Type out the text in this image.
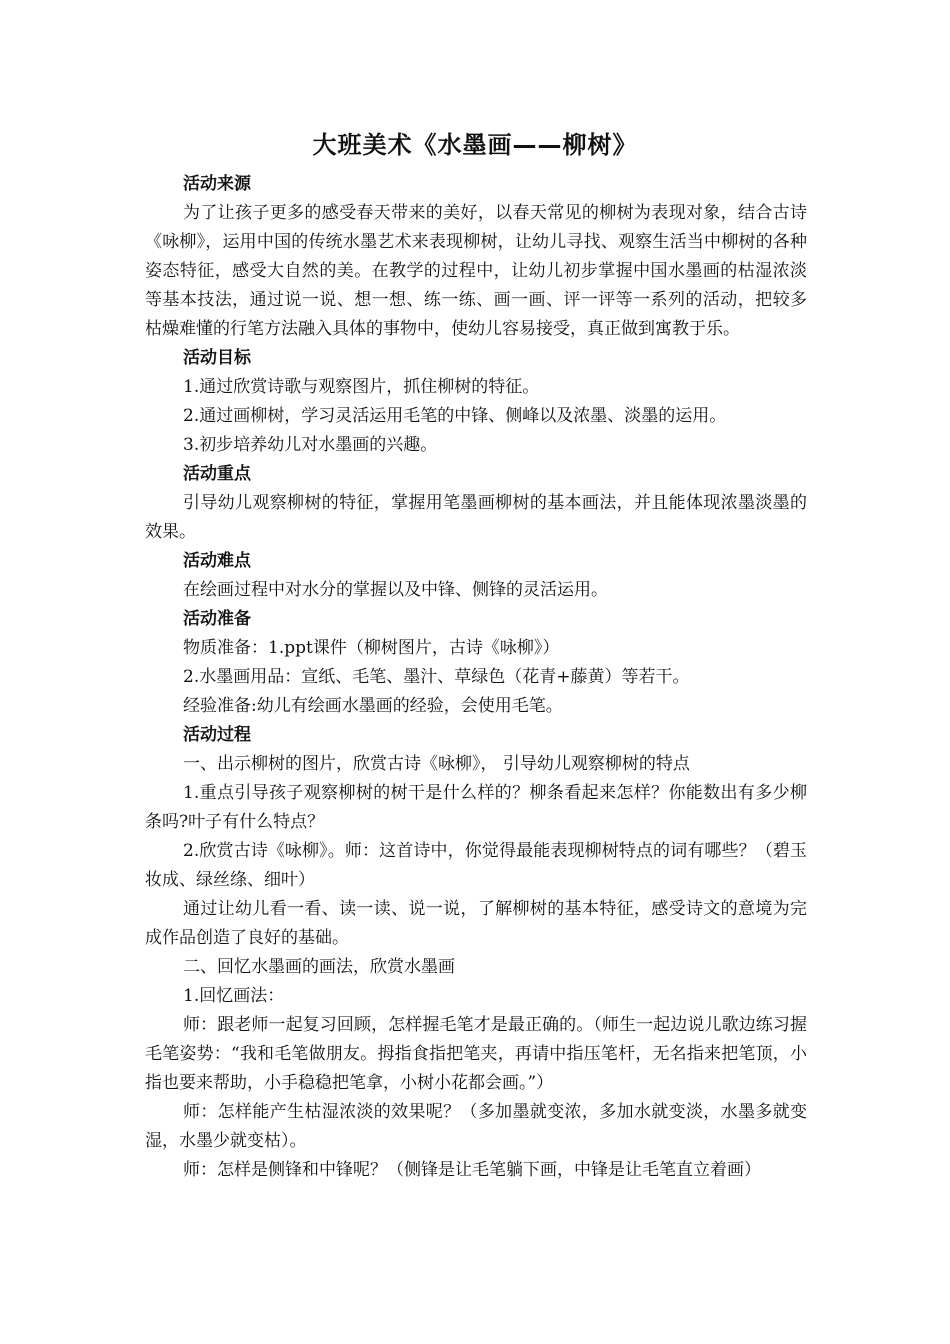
大班美术《水墨画——柳树》

活动来源

为了让孩子更多的感受春天带来的美好，以春天常见的柳树为表现对象，结合古诗《咏柳》，运用中国的传统水墨艺术来表现柳树，让幼儿寻找、观察生活当中柳树的各种姿态特征，感受大自然的美。在教学的过程中，让幼儿初步掌握中国水墨画的枯湿浓淡等基本技法，通过说一说、想一想、练一练、画一画、评一评等一系列的活动，把较多枯燥难懂的行笔方法融入具体的事物中，使幼儿容易接受，真正做到寓教于乐。

活动目标

1.通过欣赏诗歌与观察图片，抓住柳树的特征。

2.通过画柳树，学习灵活运用毛笔的中锋、侧峰以及浓墨、淡墨的运用。

3.初步培养幼儿对水墨画的兴趣。

活动重点

引导幼儿观察柳树的特征，掌握用笔墨画柳树的基本画法，并且能体现浓墨淡墨的效果。

活动难点

在绘画过程中对水分的掌握以及中锋、侧锋的灵活运用。

活动准备

物质准备：1.ppt课件（柳树图片，古诗《咏柳》）

2.水墨画用品：宣纸、毛笔、墨汁、草绿色（花青+藤黄）等若干。

经验准备:幼儿有绘画水墨画的经验，会使用毛笔。

活动过程

一、出示柳树的图片，欣赏古诗《咏柳》， 引导幼儿观察柳树的特点

1.重点引导孩子观察柳树的树干是什么样的？柳条看起来怎样？你能数出有多少柳条吗?叶子有什么特点？

2.欣赏古诗《咏柳》。师：这首诗中，你觉得最能表现柳树特点的词有哪些？（碧玉妆成、绿丝绦、细叶）

通过让幼儿看一看、读一读、说一说，了解柳树的基本特征，感受诗文的意境为完成作品创造了良好的基础。

二、回忆水墨画的画法，欣赏水墨画

1.回忆画法：

师：跟老师一起复习回顾，怎样握毛笔才是最正确的。（师生一起边说儿歌边练习握毛笔姿势：“我和毛笔做朋友。拇指食指把笔夹，再请中指压笔杆，无名指来把笔顶，小指也要来帮助，小手稳稳把笔拿，小树小花都会画。”）

师：怎样能产生枯湿浓淡的效果呢？（多加墨就变浓，多加水就变淡，水墨多就变湿，水墨少就变枯）。

师：怎样是侧锋和中锋呢？（侧锋是让毛笔躺下画，中锋是让毛笔直立着画）
